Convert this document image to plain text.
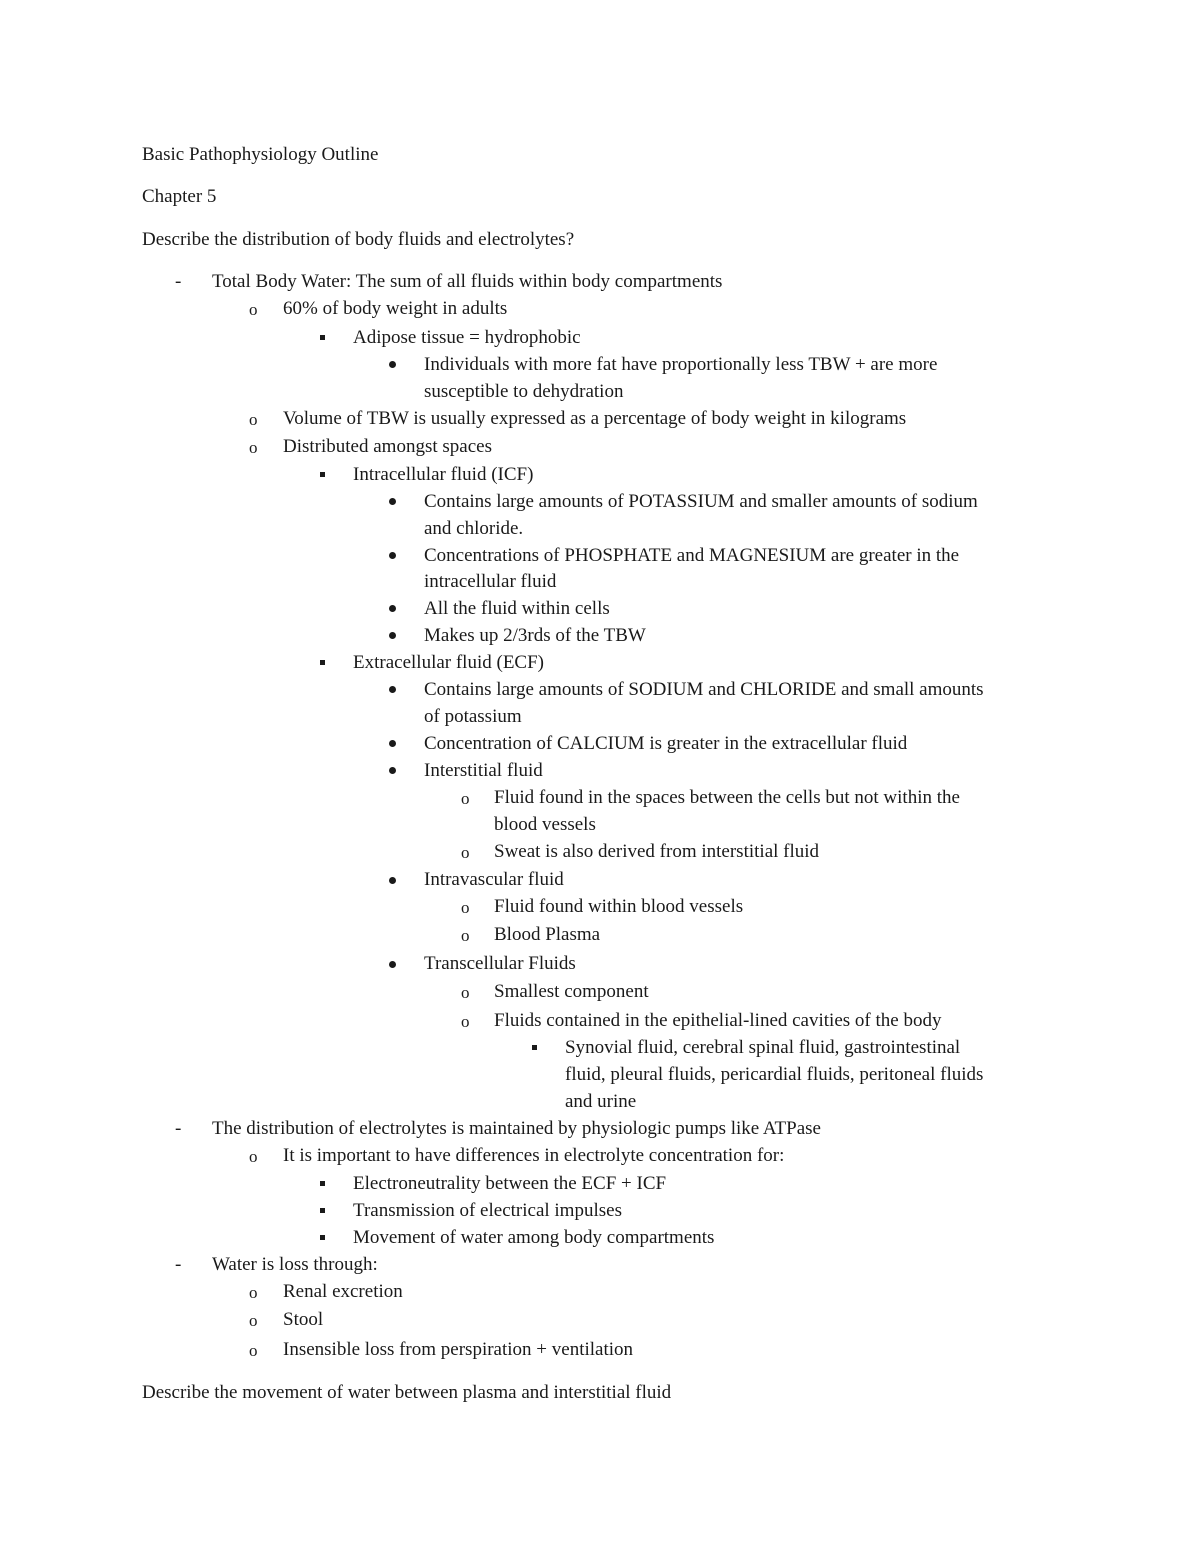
Basic Pathophysiology Outline
Chapter 5
Describe the distribution of body fluids and electrolytes?
- Total Body Water: The sum of all fluids within body compartments
o 60% of body weight in adults
Adipose tissue = hydrophobic
Individuals with more fat have proportionally less TBW + are more
susceptible to dehydration
o Volume of TBW is usually expressed as a percentage of body weight in kilograms
o Distributed amongst spaces
Intracellular fluid (ICF)
Contains large amounts of POTASSIUM and smaller amounts of sodium
and chloride.
Concentrations of PHOSPHATE and MAGNESIUM are greater in the
intracellular fluid
All the fluid within cells
Makes up 2/3rds of the TBW
Extracellular fluid (ECF)
Contains large amounts of SODIUM and CHLORIDE and small amounts
of potassium
Concentration of CALCIUM is greater in the extracellular fluid
Interstitial fluid
o Fluid found in the spaces between the cells but not within the
blood vessels
o Sweat is also derived from interstitial fluid
Intravascular fluid
o Fluid found within blood vessels
o Blood Plasma
Transcellular Fluids
o Smallest component
o Fluids contained in the epithelial-lined cavities of the body
Synovial fluid, cerebral spinal fluid, gastrointestinal
fluid, pleural fluids, pericardial fluids, peritoneal fluids
and urine
- The distribution of electrolytes is maintained by physiologic pumps like ATPase
o It is important to have differences in electrolyte concentration for:
Electroneutrality between the ECF + ICF
Transmission of electrical impulses
Movement of water among body compartments
- Water is loss through:
o Renal excretion
o Stool
o Insensible loss from perspiration + ventilation
Describe the movement of water between plasma and interstitial fluid
